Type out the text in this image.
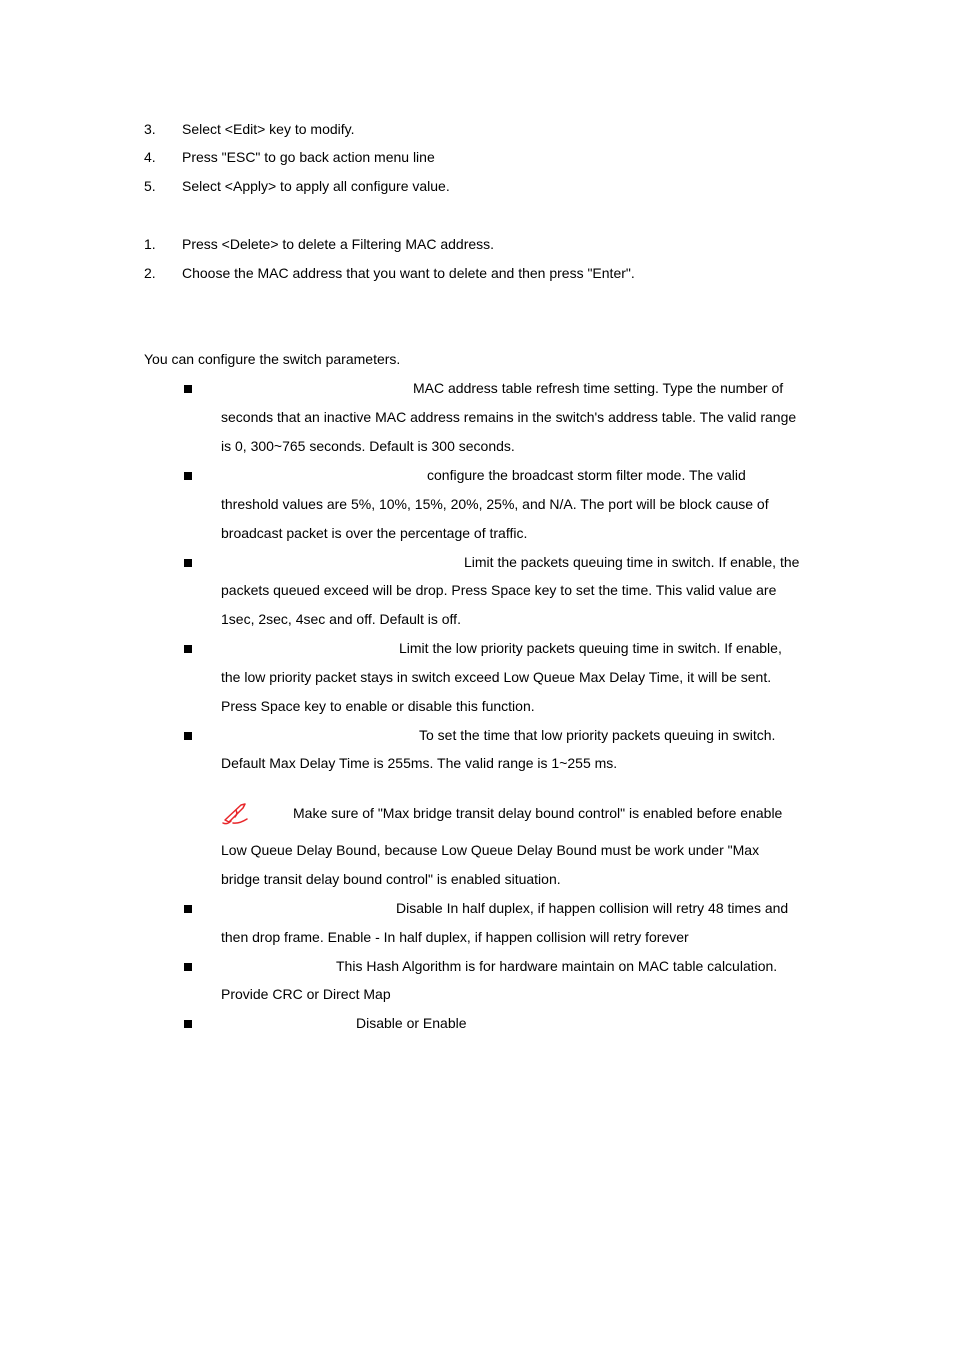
3. Select <Edit> key to modify.
4. Press "ESC" to go back action menu line
5. Select <Apply> to apply all configure value.
1. Press <Delete> to delete a Filtering MAC address.
2. Choose the MAC address that you want to delete and then press "Enter".
You can configure the switch parameters.
MAC address table refresh time setting. Type the number of
seconds that an inactive MAC address remains in the switch's address table. The valid range
is 0, 300~765 seconds. Default is 300 seconds.
configure the broadcast storm filter mode. The valid
threshold values are 5%, 10%, 15%, 20%, 25%, and N/A. The port will be block cause of
broadcast packet is over the percentage of traffic.
Limit the packets queuing time in switch. If enable, the
packets queued exceed will be drop. Press Space key to set the time. This valid value are
1sec, 2sec, 4sec and off. Default is off.
Limit the low priority packets queuing time in switch. If enable,
the low priority packet stays in switch exceed Low Queue Max Delay Time, it will be sent.
Press Space key to enable or disable this function.
To set the time that low priority packets queuing in switch.
Default Max Delay Time is 255ms. The valid range is 1~255 ms.
Make sure of "Max bridge transit delay bound control" is enabled before enable
Low Queue Delay Bound, because Low Queue Delay Bound must be work under "Max
bridge transit delay bound control" is enabled situation.
Disable In half duplex, if happen collision will retry 48 times and
then drop frame. Enable - In half duplex, if happen collision will retry forever
This Hash Algorithm is for hardware maintain on MAC table calculation.
Provide CRC or Direct Map
Disable or Enable
